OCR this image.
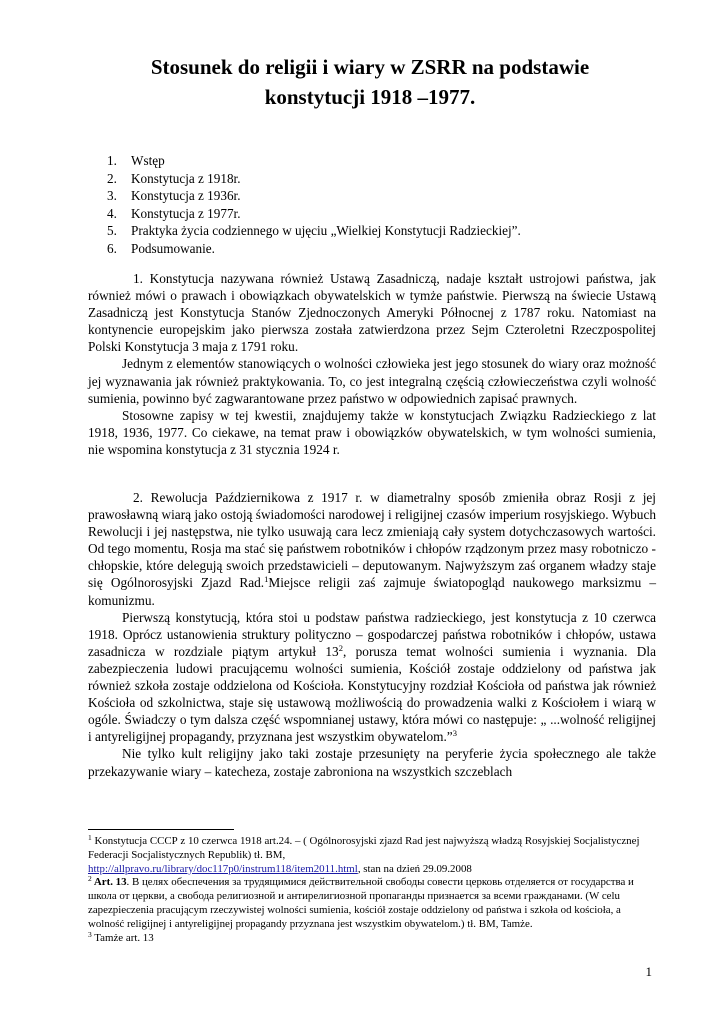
Stosunek do religii i wiary w ZSRR na podstawie
konstytucji 1918 –1977.
1. Wstęp
2. Konstytucja z 1918r.
3. Konstytucja z 1936r.
4. Konstytucja z 1977r.
5. Praktyka życia codziennego w ujęciu „Wielkiej Konstytucji Radzieckiej”.
6. Podsumowanie.

1. Konstytucja nazywana również Ustawą Zasadniczą, nadaje kształt ustrojowi państwa, jak również mówi o prawach i obowiązkach obywatelskich w tymże państwie. Pierwszą na świecie Ustawą Zasadniczą jest Konstytucja Stanów Zjednoczonych Ameryki Północnej z 1787 roku. Natomiast na kontynencie europejskim jako pierwsza została zatwierdzona przez Sejm Czteroletni Rzeczpospolitej Polski Konstytucja 3 maja z 1791 roku.

Jednym z elementów stanowiących o wolności człowieka jest jego stosunek do wiary oraz możność jej wyznawania jak również praktykowania. To, co jest integralną częścią człowieczeństwa czyli wolność sumienia, powinno być zagwarantowane przez państwo w odpowiednich zapisać prawnych.

Stosowne zapisy w tej kwestii, znajdujemy także w konstytucjach Związku Radzieckiego z lat 1918, 1936, 1977. Co ciekawe, na temat praw i obowiązków obywatelskich, w tym wolności sumienia, nie wspomina konstytucja z 31 stycznia 1924 r.

2. Rewolucja Październikowa z 1917 r. w diametralny sposób zmieniła obraz Rosji z jej prawosławną wiarą jako ostoją świadomości narodowej i religijnej czasów imperium rosyjskiego. Wybuch Rewolucji i jej następstwa, nie tylko usuwają cara lecz zmieniają cały system dotychczasowych wartości. Od tego momentu, Rosja ma stać się państwem robotników i chłopów rządzonym przez masy robotniczo - chłopskie, które delegują swoich przedstawicieli – deputowanym. Najwyższym zaś organem władzy staje się Ogólnorosyjski Zjazd Rad.$^1$Miejsce religii zaś zajmuje światopogląd naukowego marksizmu – komunizmu.

Pierwszą konstytucją, która stoi u podstaw państwa radzieckiego, jest konstytucja z 10 czerwca 1918. Oprócz ustanowienia struktury polityczno – gospodarczej państwa robotników i chłopów, ustawa zasadnicza w rozdziale piątym artykuł $13^2$, porusza temat wolności sumienia i wyznania. Dla zabezpieczenia ludowi pracującemu wolności sumienia, Kościół zostaje oddzielony od państwa jak również szkoła zostaje oddzielona od Kościoła. Konstytucyjny rozdział Kościoła od państwa jak również Kościoła od szkolnictwa, staje się ustawową możliwością do prowadzenia walki z Kościołem i wiarą w ogóle. Świadczy o tym dalsza część wspomnianej ustawy, która mówi co następuje: „ ...wolność religijnej i antyreligijnej propagandy, przyznana jest wszystkim obywatelom.”$^3$

Nie tylko kult religijny jako taki zostaje przesunięty na peryferie życia społecznego ale także przekazywanie wiary – katecheza, zostaje zabroniona na wszystkich szczeblach

$^1$ Konstytucja СССР z 10 czerwca 1918 art.24. – ( Ogólnorosyjski zjazd Rad jest najwyższą władzą Rosyjskiej Socjalistycznej Federacji Socjalistycznych Republik) tł. BM,
http://allpravo.ru/library/doc117p0/instrum118/item2011.html, stan na dzień 29.09.2008

$^2$ Art. 13. В целях обеспечения за трудящимися действительной свободы совести церковь отделяется от государства и школа от церкви, а свобода религиозной и антирелигиозной пропаганды признается за всеми гражданами. (W celu zapezpieczenia pracującym rzeczywistej wolności sumienia, kościół zostaje oddzielony od państwa i szkoła od kościoła, a wolność religijnej i antyreligijnej propagandy przyznana jest wszystkim obywatelom.) tł. BM, Tamże.

$^3$ Tamże art. 13

1
